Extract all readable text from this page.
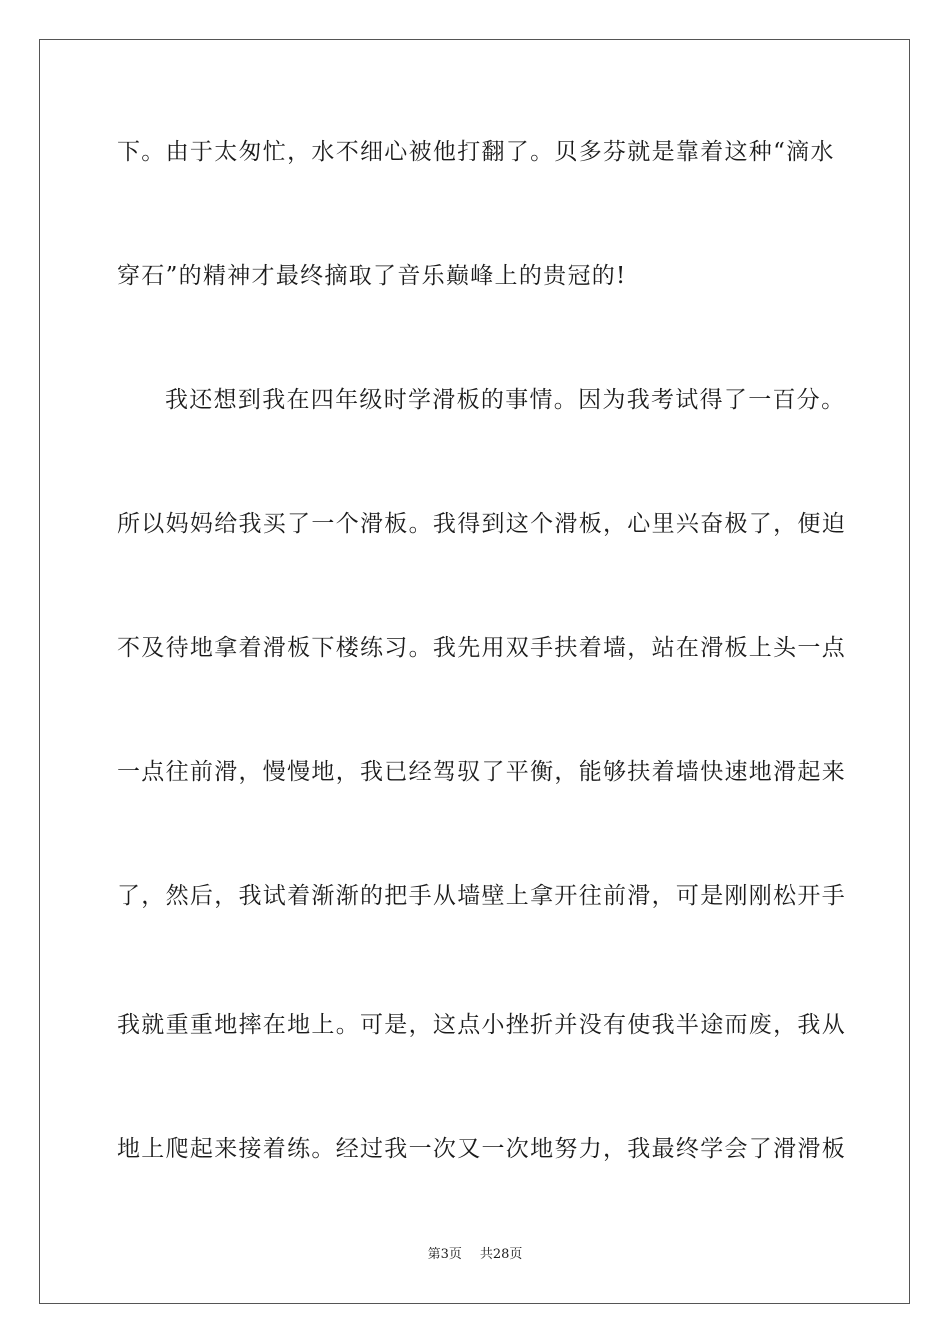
下。由于太匆忙，水不细心被他打翻了。贝多芬就是靠着这种“滴水
穿石”的精神才最终摘取了音乐巅峰上的贵冠的!
我还想到我在四年级时学滑板的事情。因为我考试得了一百分。
所以妈妈给我买了一个滑板。我得到这个滑板，心里兴奋极了，便迫
不及待地拿着滑板下楼练习。我先用双手扶着墙，站在滑板上头一点
一点往前滑，慢慢地，我已经驾驭了平衡，能够扶着墙快速地滑起来
了，然后，我试着渐渐的把手从墙壁上拿开往前滑，可是刚刚松开手
我就重重地摔在地上。可是，这点小挫折并没有使我半途而废，我从
地上爬起来接着练。经过我一次又一次地努力，我最终学会了滑滑板
第3页 共28页
